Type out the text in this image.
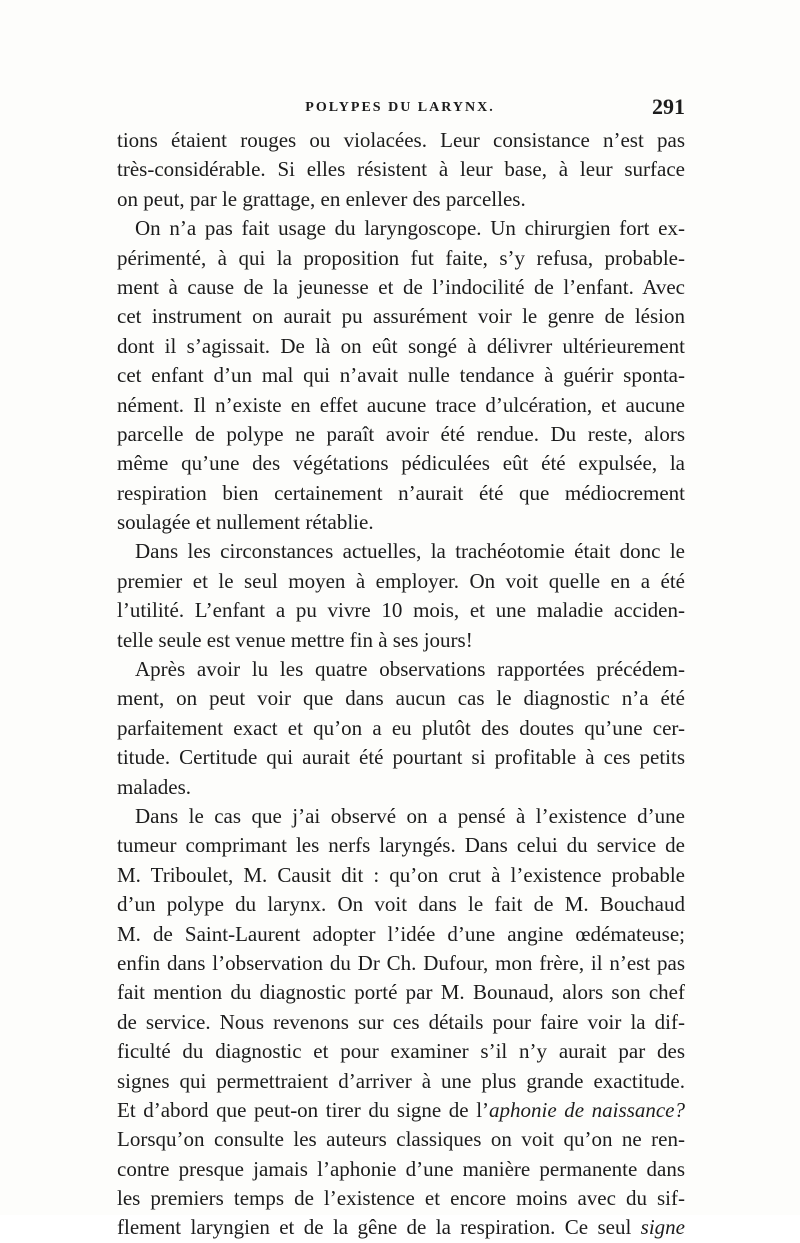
POLYPES DU LARYNX.	291
tions étaient rouges ou violacées. Leur consistance n’est pas
très-considérable. Si elles résistent à leur base, à leur surface
on peut, par le grattage, en enlever des parcelles.
On n’a pas fait usage du laryngoscope. Un chirurgien fort ex-
périmenté, à qui la proposition fut faite, s’y refusa, probable-
ment à cause de la jeunesse et de l’indocilité de l’enfant. Avec
cet instrument on aurait pu assurément voir le genre de lésion
dont il s’agissait. De là on eût songé à délivrer ultérieurement
cet enfant d’un mal qui n’avait nulle tendance à guérir sponta-
nément. Il n’existe en effet aucune trace d’ulcération, et aucune
parcelle de polype ne paraît avoir été rendue. Du reste, alors
même qu’une des végétations pédiculées eût été expulsée, la
respiration bien certainement n’aurait été que médiocrement
soulagée et nullement rétablie.
Dans les circonstances actuelles, la trachéotomie était donc le
premier et le seul moyen à employer. On voit quelle en a été
l’utilité. L’enfant a pu vivre 10 mois, et une maladie acciden-
telle seule est venue mettre fin à ses jours!
Après avoir lu les quatre observations rapportées précédem-
ment, on peut voir que dans aucun cas le diagnostic n’a été
parfaitement exact et qu’on a eu plutôt des doutes qu’une cer-
titude. Certitude qui aurait été pourtant si profitable à ces petits
malades.
Dans le cas que j’ai observé on a pensé à l’existence d’une
tumeur comprimant les nerfs laryngés. Dans celui du service de
M. Triboulet, M. Causit dit : qu’on crut à l’existence probable
d’un polype du larynx. On voit dans le fait de M. Bouchaud
M. de Saint-Laurent adopter l’idée d’une angine œdémateuse;
enfin dans l’observation du Dr Ch. Dufour, mon frère, il n’est pas
fait mention du diagnostic porté par M. Bounaud, alors son chef
de service. Nous revenons sur ces détails pour faire voir la dif-
ficulté du diagnostic et pour examiner s’il n’y aurait par des
signes qui permettraient d’arriver à une plus grande exactitude.
Et d’abord que peut-on tirer du signe de l’aphonie de naissance?
Lorsqu’on consulte les auteurs classiques on voit qu’on ne ren-
contre presque jamais l’aphonie d’une manière permanente dans
les premiers temps de l’existence et encore moins avec du sif-
flement laryngien et de la gêne de la respiration. Ce seul signe
